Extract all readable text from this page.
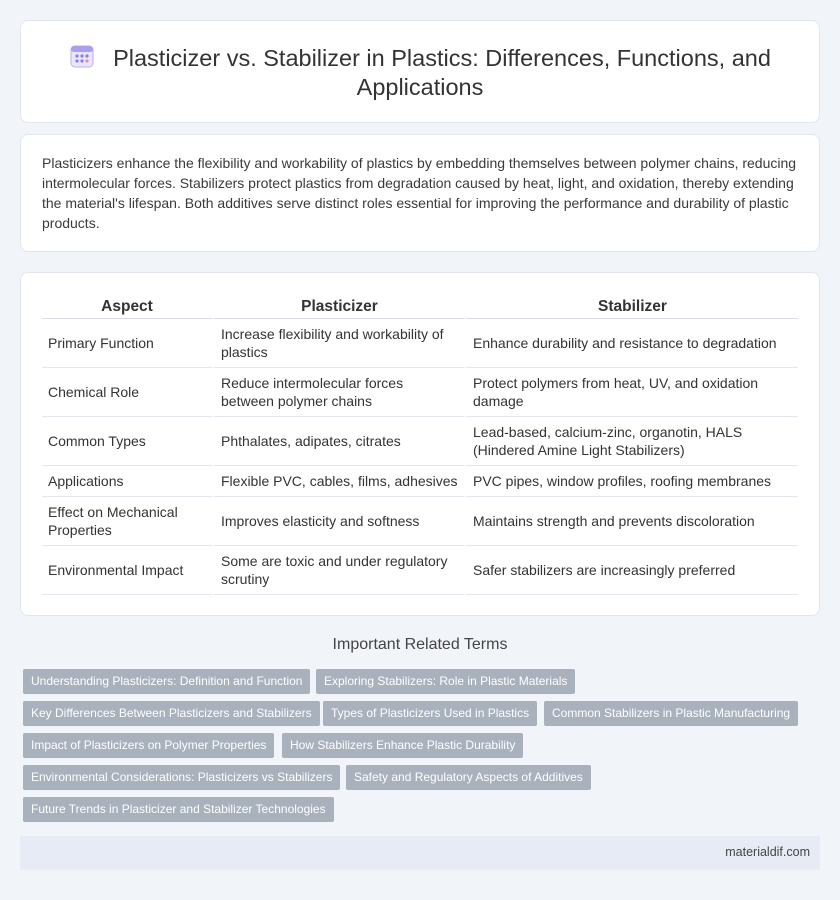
Plasticizer vs. Stabilizer in Plastics: Differences, Functions, and Applications

Plasticizers enhance the flexibility and workability of plastics by embedding themselves between polymer chains, reducing intermolecular forces. Stabilizers protect plastics from degradation caused by heat, light, and oxidation, thereby extending the material's lifespan. Both additives serve distinct roles essential for improving the performance and durability of plastic products.

Aspect	Plasticizer	Stabilizer
Primary Function	Increase flexibility and workability of plastics	Enhance durability and resistance to degradation
Chemical Role	Reduce intermolecular forces between polymer chains	Protect polymers from heat, UV, and oxidation damage
Common Types	Phthalates, adipates, citrates	Lead-based, calcium-zinc, organotin, HALS (Hindered Amine Light Stabilizers)
Applications	Flexible PVC, cables, films, adhesives	PVC pipes, window profiles, roofing membranes
Effect on Mechanical Properties	Improves elasticity and softness	Maintains strength and prevents discoloration
Environmental Impact	Some are toxic and under regulatory scrutiny	Safer stabilizers are increasingly preferred
Important Related Terms
Understanding Plasticizers: Definition and Function	Exploring Stabilizers: Role in Plastic Materials
Key Differences Between Plasticizers and Stabilizers	Types of Plasticizers Used in Plastics	Common Stabilizers in Plastic Manufacturing
Impact of Plasticizers on Polymer Properties	How Stabilizers Enhance Plastic Durability
Environmental Considerations: Plasticizers vs Stabilizers	Safety and Regulatory Aspects of Additives
Future Trends in Plasticizer and Stabilizer Technologies
materialdif.com
